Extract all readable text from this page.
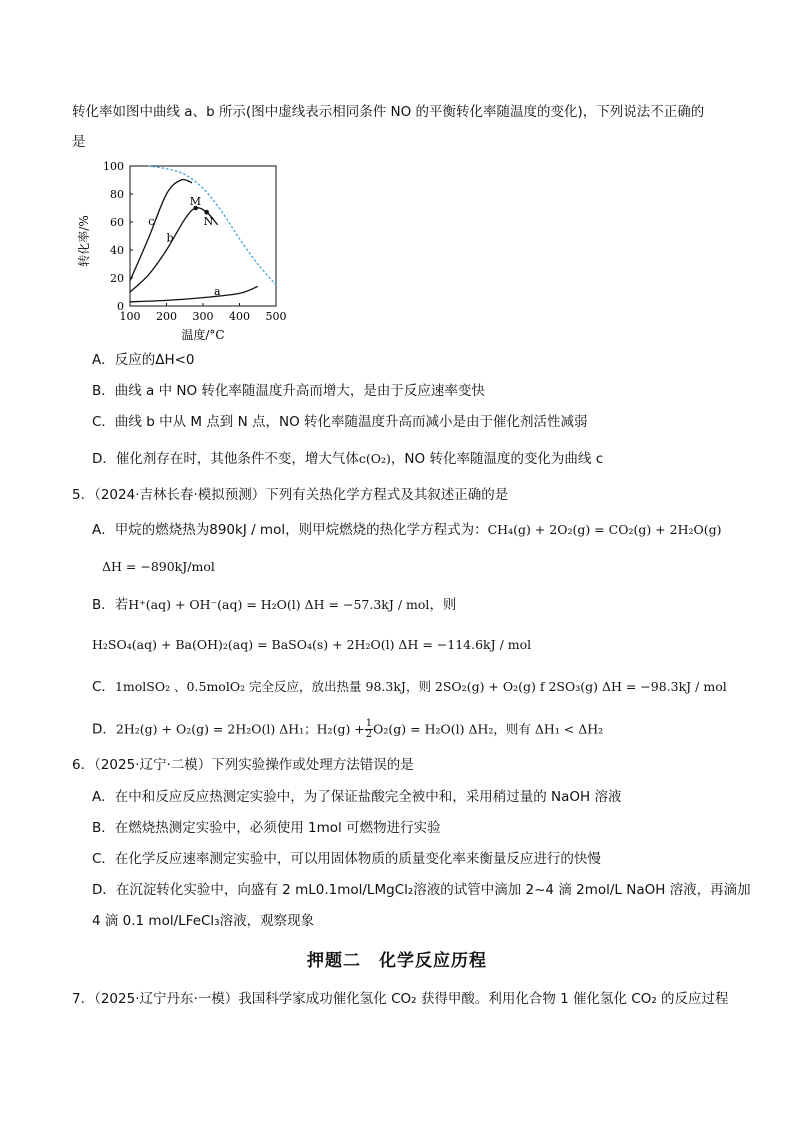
转化率如图中曲线 a、b 所示(图中虚线表示相同条件 NO 的平衡转化率随温度的变化)，下列说法不正确的
是
100 200 300 400 500
0
20
40
60
80
100
a
b
c
M
N
转化率/%
温度/°C
A．反应的ΔH<0
B．曲线 a 中 NO 转化率随温度升高而增大，是由于反应速率变快
C．曲线 b 中从 M 点到 N 点，NO 转化率随温度升高而减小是由于催化剂活性减弱
D．催化剂存在时，其他条件不变，增大气体c(O₂)，NO 转化率随温度的变化为曲线 c
5．（2024·吉林长春·模拟预测）下列有关热化学方程式及其叙述正确的是
A．甲烷的燃烧热为890kJ / mol，则甲烷燃烧的热化学方程式为：CH₄(g) + 2O₂(g) = CO₂(g) + 2H₂O(g)
ΔH = −890kJ/mol
B．若H⁺(aq) + OH⁻(aq) = H₂O(l) ΔH = −57.3kJ / mol，则
H₂SO₄(aq) + Ba(OH)₂(aq) = BaSO₄(s) + 2H₂O(l) ΔH = −114.6kJ / mol
C．1molSO₂ 、0.5molO₂ 完全反应，放出热量 98.3kJ，则 2SO₂(g) + O₂(g) f 2SO₃(g) ΔH = −98.3kJ / mol
D．2H₂(g) + O₂(g) = 2H₂O(l) ΔH₁；$H_2(g) + \frac{1}{2} O_2(g) = H_2O(l)$ ΔH₂，则有 ΔH₁ < ΔH₂
6．（2025·辽宁·二模）下列实验操作或处理方法错误的是
A．在中和反应反应热测定实验中，为了保证盐酸完全被中和，采用稍过量的 NaOH 溶液
B．在燃烧热测定实验中，必须使用 1mol 可燃物进行实验
C．在化学反应速率测定实验中，可以用固体物质的质量变化率来衡量反应进行的快慢
D．在沉淀转化实验中，向盛有 2 mL0.1mol/LMgCl₂溶液的试管中滴加 2~4 滴 2mol/L NaOH 溶液，再滴加
4 滴 0.1 mol/LFeCl₃溶液，观察现象
押题二　化学反应历程
7．（2025·辽宁丹东·一模）我国科学家成功催化氢化 CO₂ 获得甲酸。利用化合物 1 催化氢化 CO₂ 的反应过程
